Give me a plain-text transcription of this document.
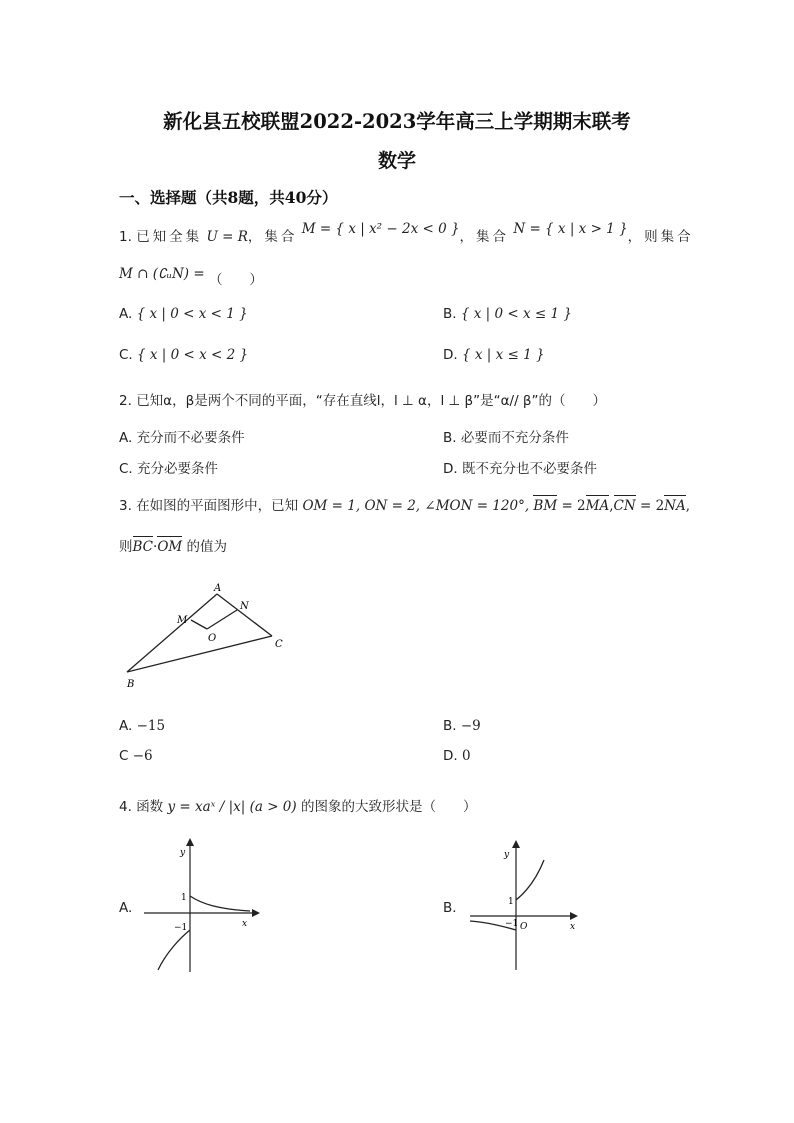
新化县五校联盟2022-2023学年高三上学期期末联考
数学
一、选择题（共8题，共40分）
1. 已知全集 U = R，集合 M = { x | x² − 2x < 0 }，集合 N = { x | x > 1 }，则集合
M ∩ (∁ᵤN) = （　　）
A. { x | 0 < x < 1 }	B. { x | 0 < x ≤ 1 }
C. { x | 0 < x < 2 }	D. { x | x ≤ 1 }
2. 已知α，β是两个不同的平面，“存在直线l，l ⊥ α，l ⊥ β”是“α// β”的（　　）
A. 充分而不必要条件	B. 必要而不充分条件
C. 充分必要条件	D. 既不充分也不必要条件
3. 在如图的平面图形中，已知 OM = 1, ON = 2, ∠MON = 120°, BM = 2MA,CN = 2NA,
则BC·OM 的值为
A
N
M
O
C
B
A. −15	B. −9
C −6	D. 0
4. 函数 y = xaˣ / |x| (a > 0) 的图象的大致形状是（　　）
A.
y
x
1
−1
B.
y
x
1
−1 O
